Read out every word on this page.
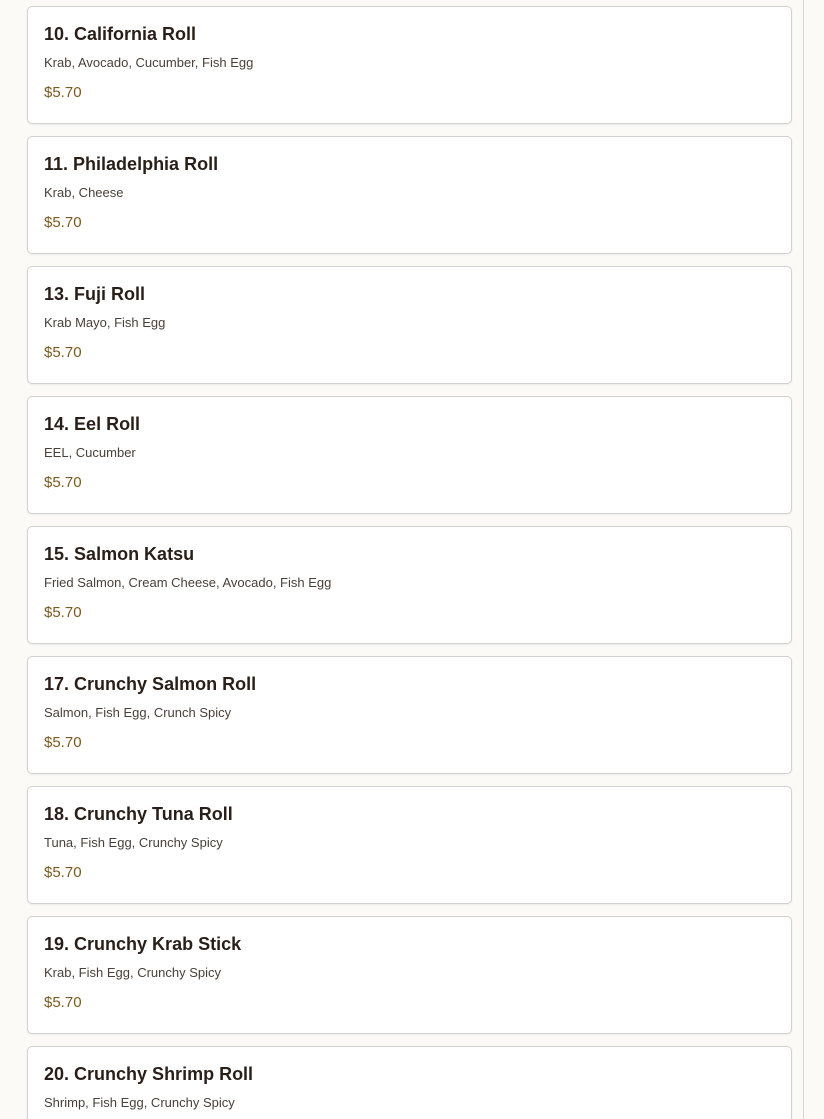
10. California Roll
Krab, Avocado, Cucumber, Fish Egg
$5.70
11. Philadelphia Roll
Krab, Cheese
$5.70
13. Fuji Roll
Krab Mayo, Fish Egg
$5.70
14. Eel Roll
EEL, Cucumber
$5.70
15. Salmon Katsu
Fried Salmon, Cream Cheese, Avocado, Fish Egg
$5.70
17. Crunchy Salmon Roll
Salmon, Fish Egg, Crunch Spicy
$5.70
18. Crunchy Tuna Roll
Tuna, Fish Egg, Crunchy Spicy
$5.70
19. Crunchy Krab Stick
Krab, Fish Egg, Crunchy Spicy
$5.70
20. Crunchy Shrimp Roll
Shrimp, Fish Egg, Crunchy Spicy
